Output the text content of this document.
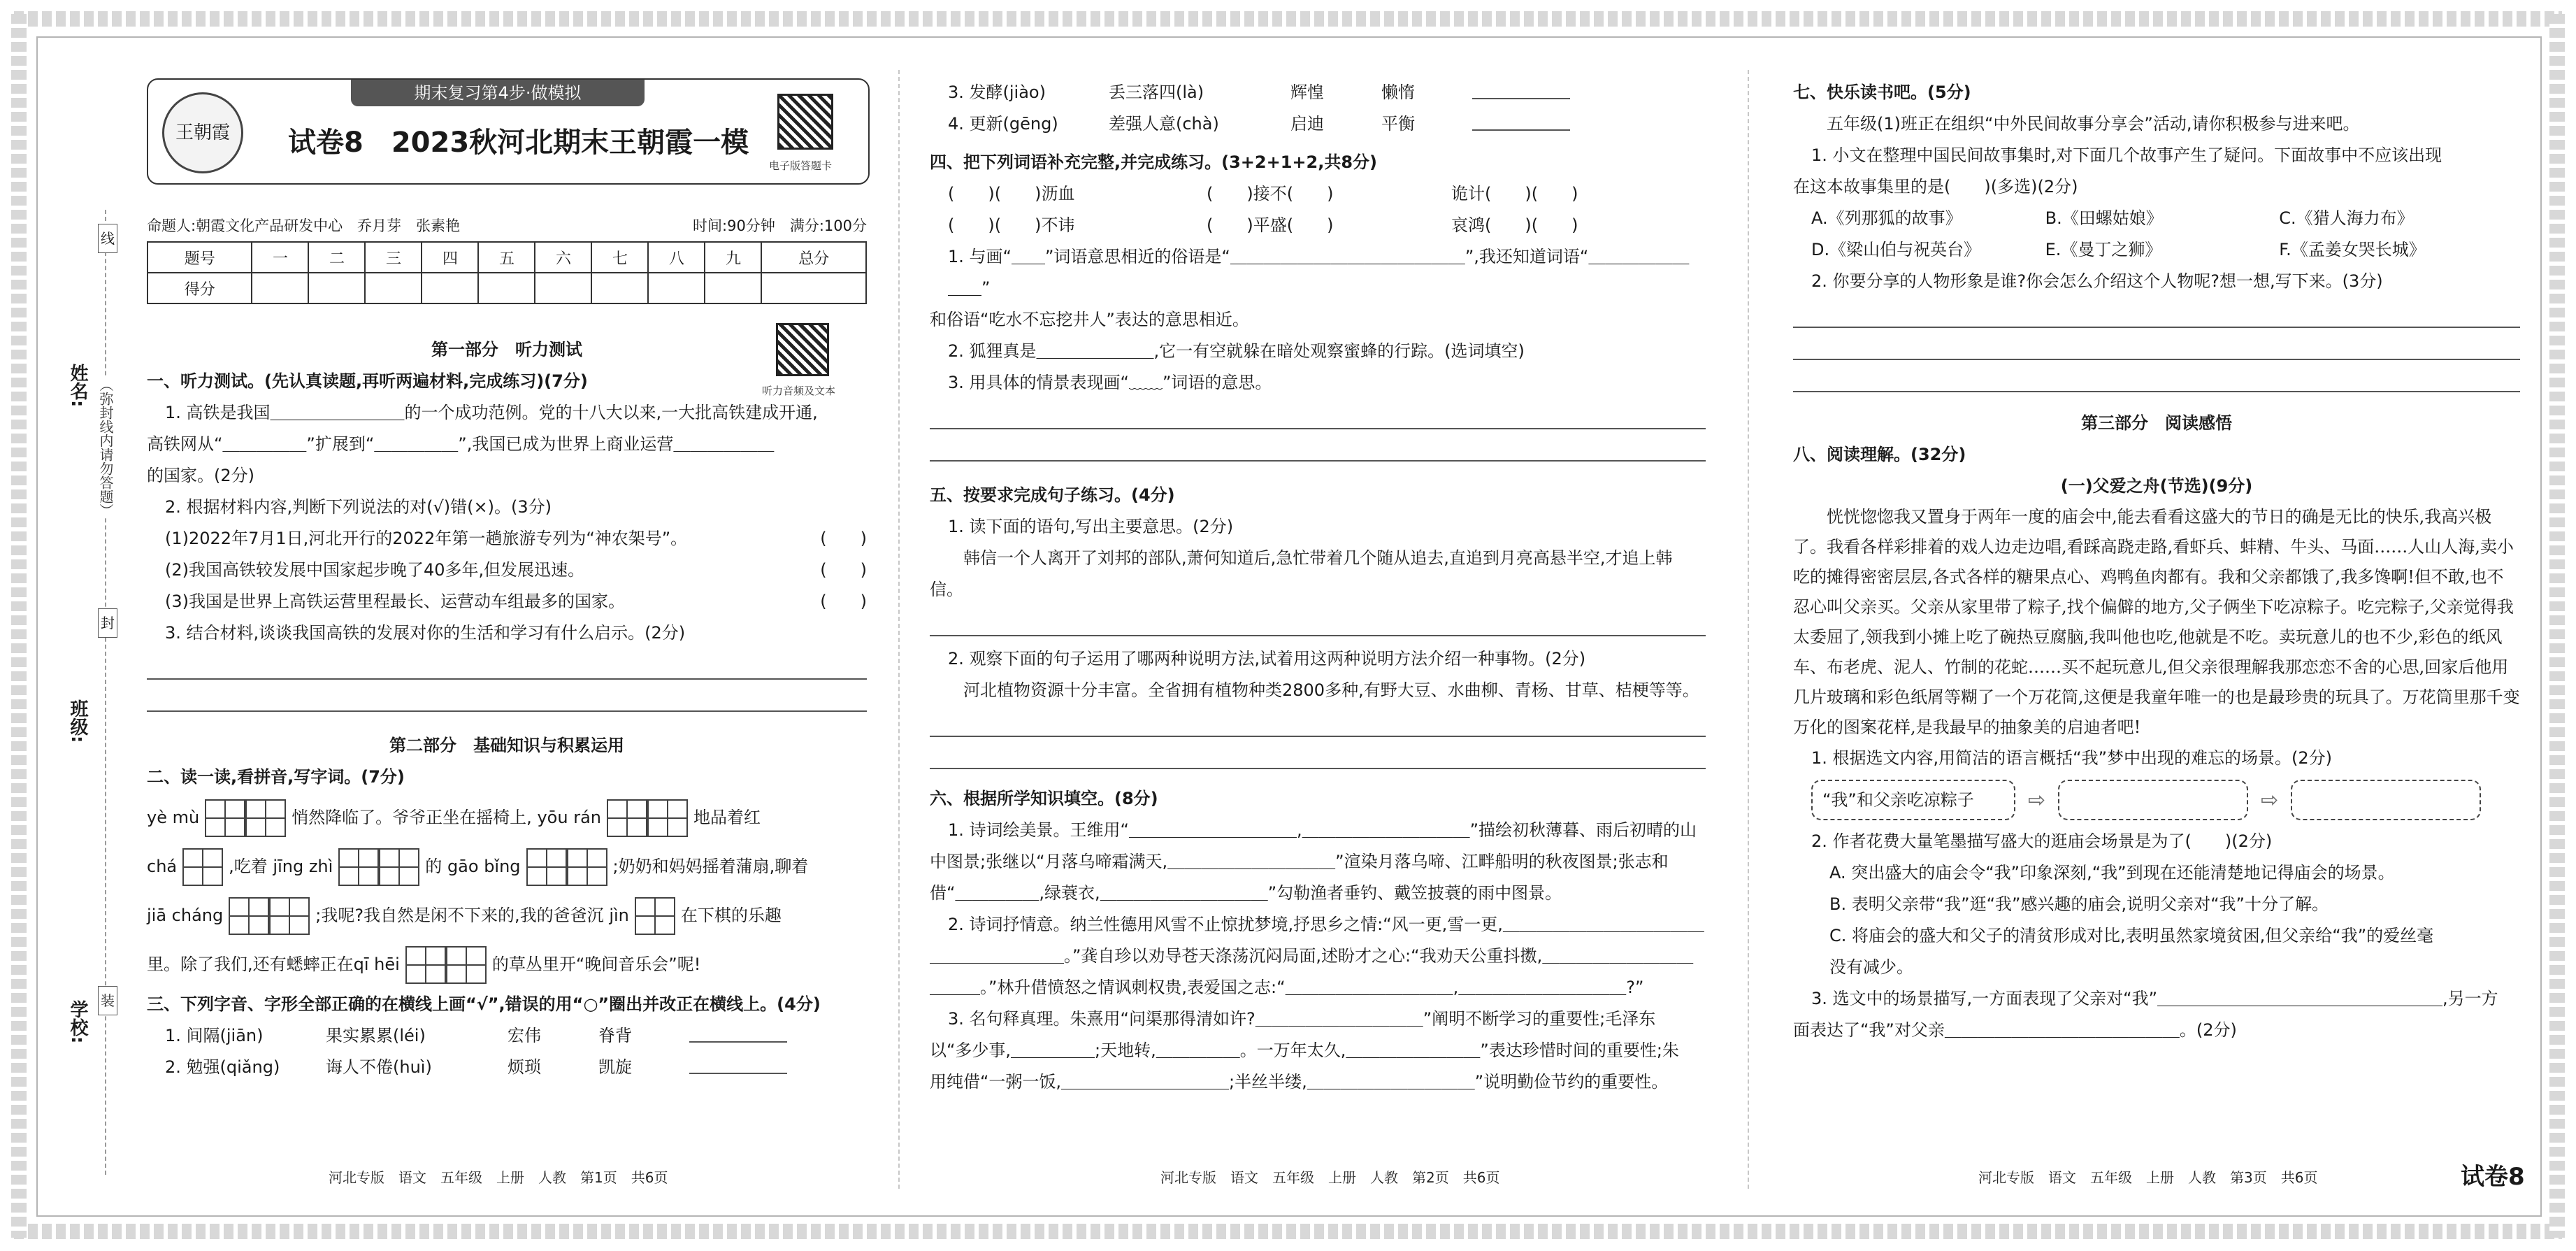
姓名:
班级:
学校:
（弥封线内请勿答题）
线
封
装
期末复习第4步·做模拟
王朝霞	试卷8　2023秋河北期末王朝霞一模
电子版答题卡
命题人:朝霞文化产品研发中心　乔月芽　张素艳	时间:90分钟　满分:100分
题号	一	二	三	四	五	六	七	八	九	总分
得分										
听力音频及文本

第一部分　听力测试

一、听力测试。(先认真读题,再听两遍材料,完成练习)(7分)

1. 高铁是我国＿＿＿＿＿＿＿＿的一个成功范例。党的十八大以来,一大批高铁建成开通,

高铁网从“＿＿＿＿＿”扩展到“＿＿＿＿＿”,我国已成为世界上商业运营＿＿＿＿＿＿

的国家。(2分)

2. 根据材料内容,判断下列说法的对(√)错(×)。(3分)

(1)2022年7月1日,河北开行的2022年第一趟旅游专列为“神农架号”。	(　　)

(2)我国高铁较发展中国家起步晚了40多年,但发展迅速。	(　　)

(3)我国是世界上高铁运营里程最长、运营动车组最多的国家。	(　　)

3. 结合材料,谈谈我国高铁的发展对你的生活和学习有什么启示。(2分)

第二部分　基础知识与积累运用

二、读一读,看拼音,写字词。(7分)

yè mù	悄然降临了。爷爷正坐在摇椅上, yōu rán	地品着红

chá	,吃着 jīng zhì	的 gāo bǐng	;奶奶和妈妈摇着蒲扇,聊着

jiā cháng	;我呢?我自然是闲不下来的,我的爸爸沉 jìn	在下棋的乐趣

里。除了我们,还有蟋蟀正在qī hēi	的草丛里开“晚间音乐会”呢!

三、下列字音、字形全部正确的在横线上画“√”,错误的用“○”圈出并改正在横线上。(4分)

1. 间隔(jiān)	果实累累(léi)	宏伟	脊背
2. 勉强(qiǎng)	诲人不倦(huì)	烦琐	凯旋
3. 发酵(jiào)	丢三落四(là)	辉惶	懒惰
4. 更新(gēng)	差强人意(chà)	启迪	平衡

四、把下列词语补充完整,并完成练习。(3+2+1+2,共8分)

(　　)(　　)沥血	(　　)接不(　　)	诡计(　　)(　　)
(　　)(　　)不讳	(　　)平盛(　　)	哀鸿(　　)(　　)

1. 与画“＿＿”词语意思相近的俗语是“＿＿＿＿＿＿＿＿＿＿＿＿＿＿”,我还知道词语“＿＿＿＿＿＿＿＿”

和俗语“吃水不忘挖井人”表达的意思相近。

2. 狐狸真是＿＿＿＿＿＿＿,它一有空就躲在暗处观察蜜蜂的行踪。(选词填空)

3. 用具体的情景表现画“﹏﹏”词语的意思。

五、按要求完成句子练习。(4分)

1. 读下面的语句,写出主要意思。(2分)

韩信一个人离开了刘邦的部队,萧何知道后,急忙带着几个随从追去,直追到月亮高悬半空,才追上韩信。

2. 观察下面的句子运用了哪两种说明方法,试着用这两种说明方法介绍一种事物。(2分)

河北植物资源十分丰富。全省拥有植物种类2800多种,有野大豆、水曲柳、青杨、甘草、桔梗等等。

六、根据所学知识填空。(8分)

1. 诗词绘美景。王维用“＿＿＿＿＿＿＿＿＿＿,＿＿＿＿＿＿＿＿＿＿”描绘初秋薄暮、雨后初晴的山

中图景;张继以“月落乌啼霜满天,＿＿＿＿＿＿＿＿＿＿”渲染月落乌啼、江畔船明的秋夜图景;张志和

借“＿＿＿＿＿,绿蓑衣,＿＿＿＿＿＿＿＿＿＿”勾勒渔者垂钓、戴笠披蓑的雨中图景。

2. 诗词抒情意。纳兰性德用风雪不止惊扰梦境,抒思乡之情:“风一更,雪一更,＿＿＿＿＿＿＿＿＿＿＿＿

＿＿＿＿＿＿＿＿。”龚自珍以劝导苍天涤荡沉闷局面,述盼才之心:“我劝天公重抖擞,＿＿＿＿＿＿＿＿＿

＿＿＿。”林升借愤怒之情讽刺权贵,表爱国之志:“＿＿＿＿＿＿＿＿＿＿,＿＿＿＿＿＿＿＿＿＿?”

3. 名句释真理。朱熹用“问渠那得清如许?＿＿＿＿＿＿＿＿＿＿”阐明不断学习的重要性;毛泽东

以“多少事,＿＿＿＿＿;天地转,＿＿＿＿＿。一万年太久,＿＿＿＿＿＿＿＿”表达珍惜时间的重要性;朱

用纯借“一粥一饭,＿＿＿＿＿＿＿＿＿＿;半丝半缕,＿＿＿＿＿＿＿＿＿＿”说明勤俭节约的重要性。

七、快乐读书吧。(5分)

五年级(1)班正在组织“中外民间故事分享会”活动,请你积极参与进来吧。

1. 小文在整理中国民间故事集时,对下面几个故事产生了疑问。下面故事中不应该出现

在这本故事集里的是(　　)(多选)(2分)

A.《列那狐的故事》	B.《田螺姑娘》	C.《猎人海力布》
D.《梁山伯与祝英台》	E.《曼丁之狮》	F.《孟姜女哭长城》

2. 你要分享的人物形象是谁?你会怎么介绍这个人物呢?想一想,写下来。(3分)

第三部分　阅读感悟

八、阅读理解。(32分)

(一)父爱之舟(节选)(9分)

恍恍惚惚我又置身于两年一度的庙会中,能去看看这盛大的节日的确是无比的快乐,我高兴极了。我看各样彩排着的戏人边走边唱,看踩高跷走路,看虾兵、蚌精、牛头、马面……人山人海,卖小吃的摊得密密层层,各式各样的糖果点心、鸡鸭鱼肉都有。我和父亲都饿了,我多馋啊!但不敢,也不忍心叫父亲买。父亲从家里带了粽子,找个偏僻的地方,父子俩坐下吃凉粽子。吃完粽子,父亲觉得我太委屈了,领我到小摊上吃了碗热豆腐脑,我叫他也吃,他就是不吃。卖玩意儿的也不少,彩色的纸风车、布老虎、泥人、竹制的花蛇……买不起玩意儿,但父亲很理解我那恋恋不舍的心思,回家后他用几片玻璃和彩色纸屑等糊了一个万花筒,这便是我童年唯一的也是最珍贵的玩具了。万花筒里那千变万化的图案花样,是我最早的抽象美的启迪者吧!

1. 根据选文内容,用简洁的语言概括“我”梦中出现的难忘的场景。(2分)

“我”和父亲吃凉粽子	⇨	⇨

2. 作者花费大量笔墨描写盛大的逛庙会场景是为了(　　)(2分)

A. 突出盛大的庙会令“我”印象深刻,“我”到现在还能清楚地记得庙会的场景。

B. 表明父亲带“我”逛“我”感兴趣的庙会,说明父亲对“我”十分了解。

C. 将庙会的盛大和父子的清贫形成对比,表明虽然家境贫困,但父亲给“我”的爱丝毫

没有减少。

3. 选文中的场景描写,一方面表现了父亲对“我”＿＿＿＿＿＿＿＿＿＿＿＿＿＿＿＿＿,另一方

面表达了“我”对父亲＿＿＿＿＿＿＿＿＿＿＿＿＿＿。(2分)

河北专版　语文　五年级　上册　人教　第1页　共6页	河北专版　语文　五年级　上册　人教　第2页　共6页	河北专版　语文　五年级　上册　人教　第3页　共6页	试卷8
